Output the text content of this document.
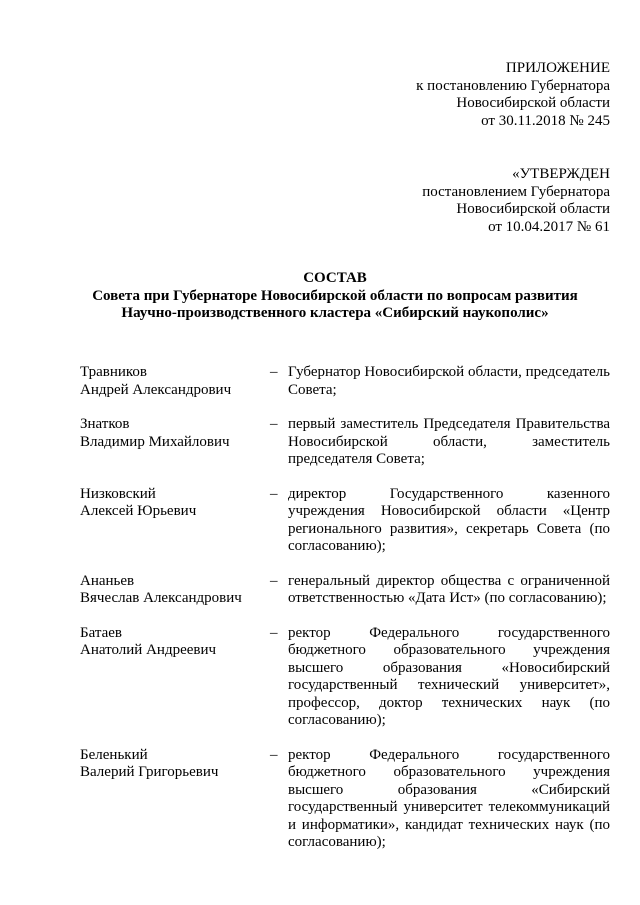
ПРИЛОЖЕНИЕ
к постановлению Губернатора
Новосибирской области
от 30.11.2018 № 245
«УТВЕРЖДЕН
постановлением Губернатора
Новосибирской области
от 10.04.2017 № 61
СОСТАВ
Совета при Губернаторе Новосибирской области по вопросам развития
Научно-производственного кластера «Сибирский наукополис»
Травников
Андрей Александрович
– Губернатор Новосибирской области, председатель Совета;
Знатков
Владимир Михайлович
– первый заместитель Председателя Правительства Новосибирской области, заместитель председателя Совета;
Низковский
Алексей Юрьевич
– директор Государственного казенного учреждения Новосибирской области «Центр регионального развития», секретарь Совета (по согласованию);
Ананьев
Вячеслав Александрович
– генеральный директор общества с ограниченной ответственностью «Дата Ист» (по согласованию);
Батаев
Анатолий Андреевич
– ректор Федерального государственного бюджетного образовательного учреждения высшего образования «Новосибирский государственный технический университет», профессор, доктор технических наук (по согласованию);
Беленький
Валерий Григорьевич
– ректор Федерального государственного бюджетного образовательного учреждения высшего образования «Сибирский государственный университет телекоммуникаций и информатики», кандидат технических наук (по согласованию);
